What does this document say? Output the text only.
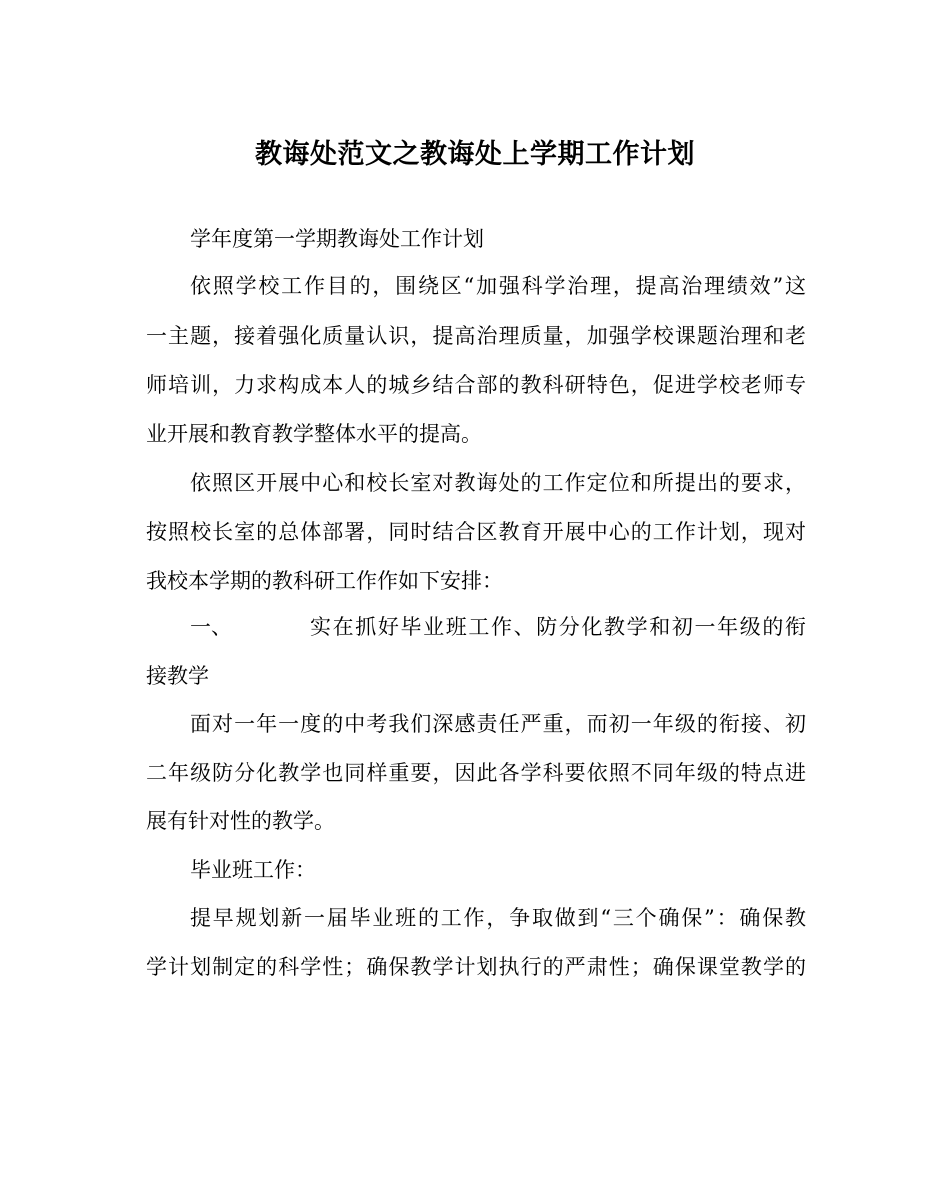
教诲处范文之教诲处上学期工作计划
学年度第一学期教诲处工作计划
依照学校工作目的，围绕区“加强科学治理，提高治理绩效”这
一主题，接着强化质量认识，提高治理质量，加强学校课题治理和老
师培训，力求构成本人的城乡结合部的教科研特色，促进学校老师专
业开展和教育教学整体水平的提高。
依照区开展中心和校长室对教诲处的工作定位和所提出的要求，
按照校长室的总体部署，同时结合区教育开展中心的工作计划，现对
我校本学期的教科研工作作如下安排：
一、	实在抓好毕业班工作、防分化教学和初一年级的衔
接教学
面对一年一度的中考我们深感责任严重，而初一年级的衔接、初
二年级防分化教学也同样重要，因此各学科要依照不同年级的特点进
展有针对性的教学。
毕业班工作：
提早规划新一届毕业班的工作，争取做到“三个确保”：确保教
学计划制定的科学性；确保教学计划执行的严肃性；确保课堂教学的
